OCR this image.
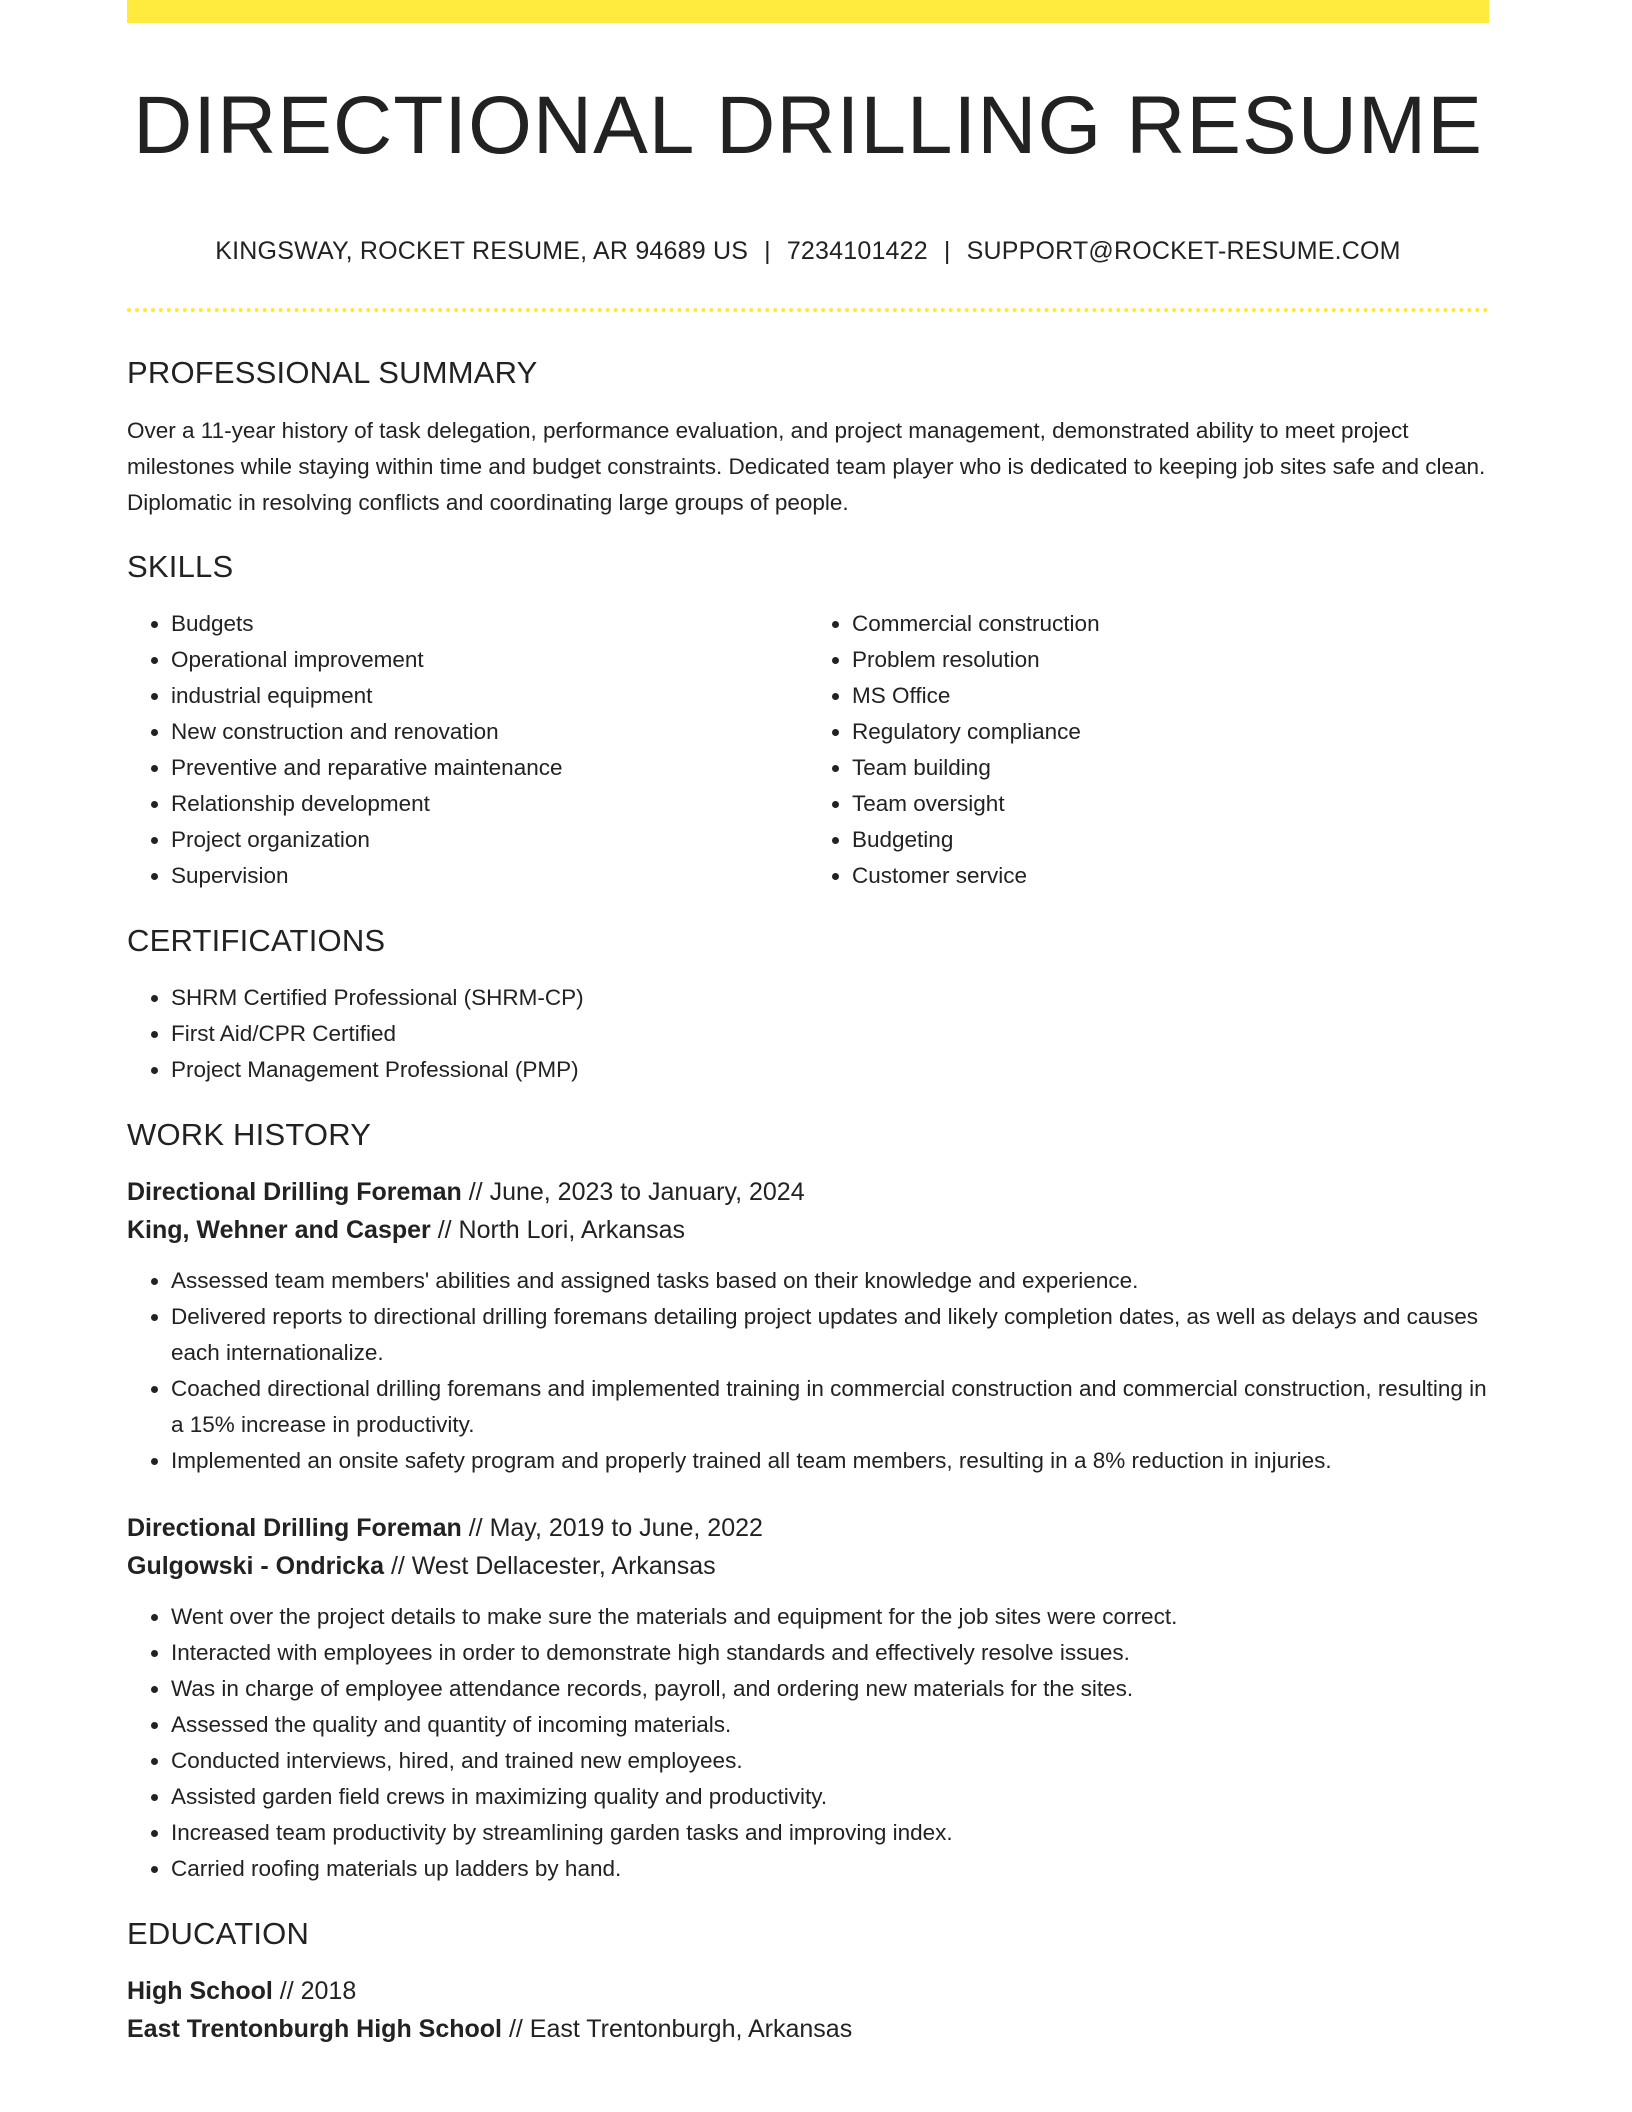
DIRECTIONAL DRILLING RESUME
KINGSWAY, ROCKET RESUME, AR 94689 US | 7234101422 | SUPPORT@ROCKET-RESUME.COM
PROFESSIONAL SUMMARY

Over a 11-year history of task delegation, performance evaluation, and project management, demonstrated ability to meet project milestones while staying within time and budget constraints. Dedicated team player who is dedicated to keeping job sites safe and clean. Diplomatic in resolving conflicts and coordinating large groups of people.

SKILLS
• Budgets
• Operational improvement
• industrial equipment
• New construction and renovation
• Preventive and reparative maintenance
• Relationship development
• Project organization
• Supervision
• Commercial construction
• Problem resolution
• MS Office
• Regulatory compliance
• Team building
• Team oversight
• Budgeting
• Customer service
CERTIFICATIONS
• SHRM Certified Professional (SHRM-CP)
• First Aid/CPR Certified
• Project Management Professional (PMP)
WORK HISTORY

Directional Drilling Foreman // June, 2023 to January, 2024

King, Wehner and Casper // North Lori, Arkansas

• Assessed team members' abilities and assigned tasks based on their knowledge and experience.
• Delivered reports to directional drilling foremans detailing project updates and likely completion dates, as well as delays and causes each internationalize.
• Coached directional drilling foremans and implemented training in commercial construction and commercial construction, resulting in a 15% increase in productivity.
• Implemented an onsite safety program and properly trained all team members, resulting in a 8% reduction in injuries.

Directional Drilling Foreman // May, 2019 to June, 2022

Gulgowski - Ondricka // West Dellacester, Arkansas

• Went over the project details to make sure the materials and equipment for the job sites were correct.
• Interacted with employees in order to demonstrate high standards and effectively resolve issues.
• Was in charge of employee attendance records, payroll, and ordering new materials for the sites.
• Assessed the quality and quantity of incoming materials.
• Conducted interviews, hired, and trained new employees.
• Assisted garden field crews in maximizing quality and productivity.
• Increased team productivity by streamlining garden tasks and improving index.
• Carried roofing materials up ladders by hand.
EDUCATION

High School // 2018

East Trentonburgh High School // East Trentonburgh, Arkansas
